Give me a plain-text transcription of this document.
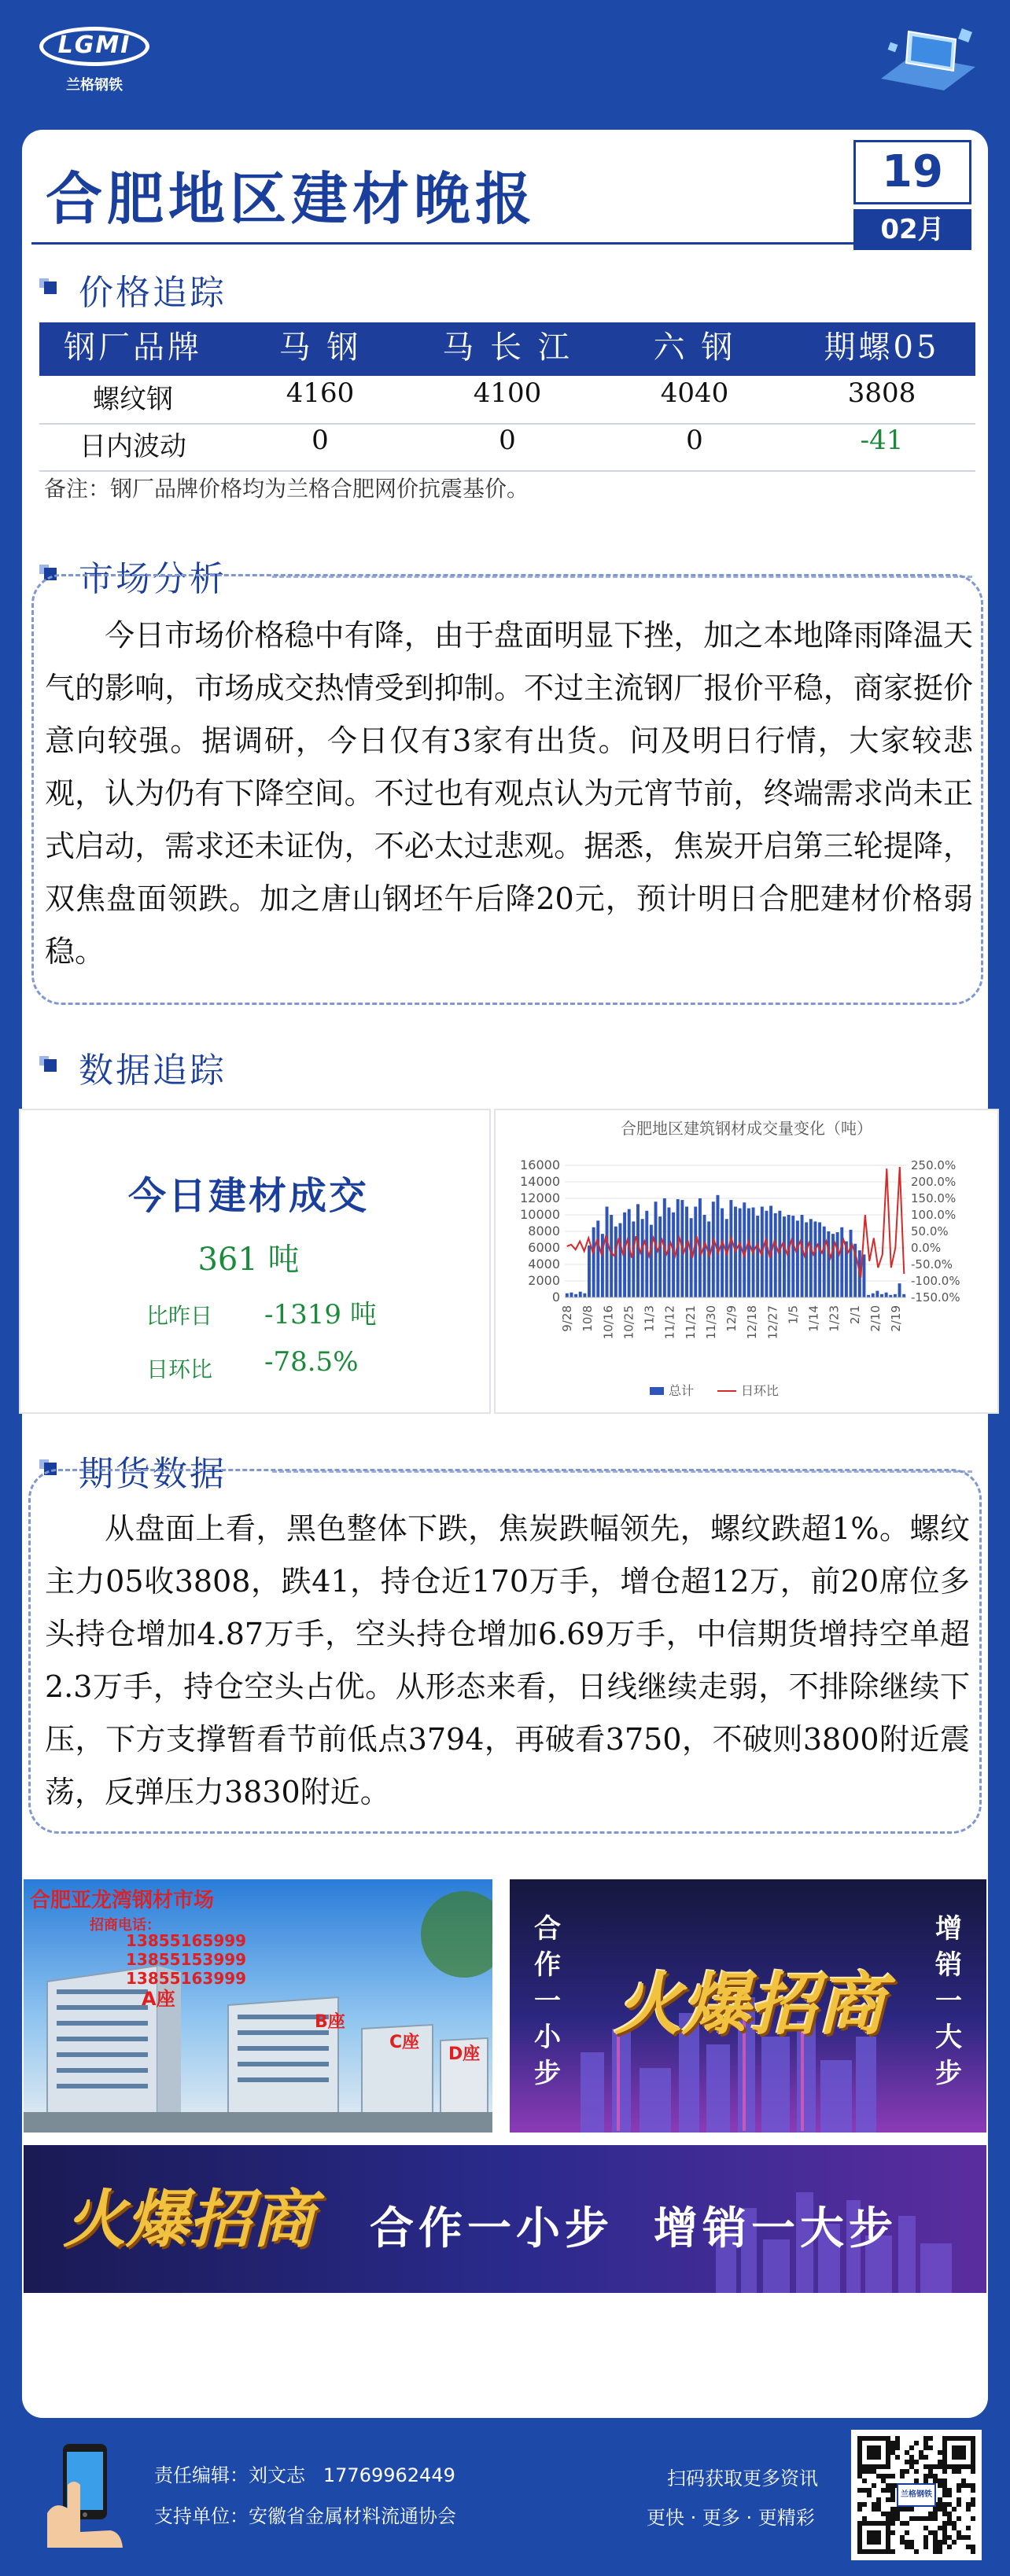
LGMI
兰格钢铁
合肥地区建材晚报	19
02月
价格追踪
钢厂品牌	马 钢	马 长 江	六 钢	期螺05
螺纹钢	4160	4100	4040	3808
日内波动	0	0	0	-41
备注：钢厂品牌价格均为兰格合肥网价抗震基价。
市场分析
今日市场价格稳中有降，由于盘面明显下挫，加之本地降雨降温天气的影响，市场成交热情受到抑制。不过主流钢厂报价平稳，商家挺价意向较强。据调研，今日仅有3家有出货。问及明日行情，大家较悲观，认为仍有下降空间。不过也有观点认为元宵节前，终端需求尚未正式启动，需求还未证伪，不必太过悲观。据悉，焦炭开启第三轮提降，双焦盘面领跌。加之唐山钢坯午后降20元，预计明日合肥建材价格弱稳。
数据追踪
今日建材成交
361 吨
比昨日 -1319 吨
日环比 -78.5%
合肥地区建筑钢材成交量变化（吨）
0
2000
4000
6000
8000
10000
12000
14000
16000
-150.0%
-100.0%
-50.0%
0.0%
50.0%
100.0%
150.0%
200.0%
250.0%
9/28 10/8 10/16 10/25 11/3 11/12 11/21 11/30 12/9 12/18 12/27 1/5 1/14 1/23 2/1 2/10 2/19
总计	日环比
期货数据
从盘面上看，黑色整体下跌，焦炭跌幅领先，螺纹跌超1%。螺纹主力05收3808，跌41，持仓近170万手，增仓超12万，前20席位多头持仓增加4.87万手，空头持仓增加6.69万手，中信期货增持空单超2.3万手，持仓空头占优。从形态来看，日线继续走弱，不排除继续下压，下方支撑暂看节前低点3794，再破看3750，不破则3800附近震荡，反弹压力3830附近。
合肥亚龙湾钢材市场
招商电话：
13855165999
13855153999
13855163999
A座
B座
C座
D座
合作一小步
增销一大步
火爆招商
火爆招商 合作一小步  增销一大步
责任编辑：刘文志 17769962449
支持单位：安徽省金属材料流通协会
扫码获取更多资讯
更快 · 更多 · 更精彩
兰格钢铁
